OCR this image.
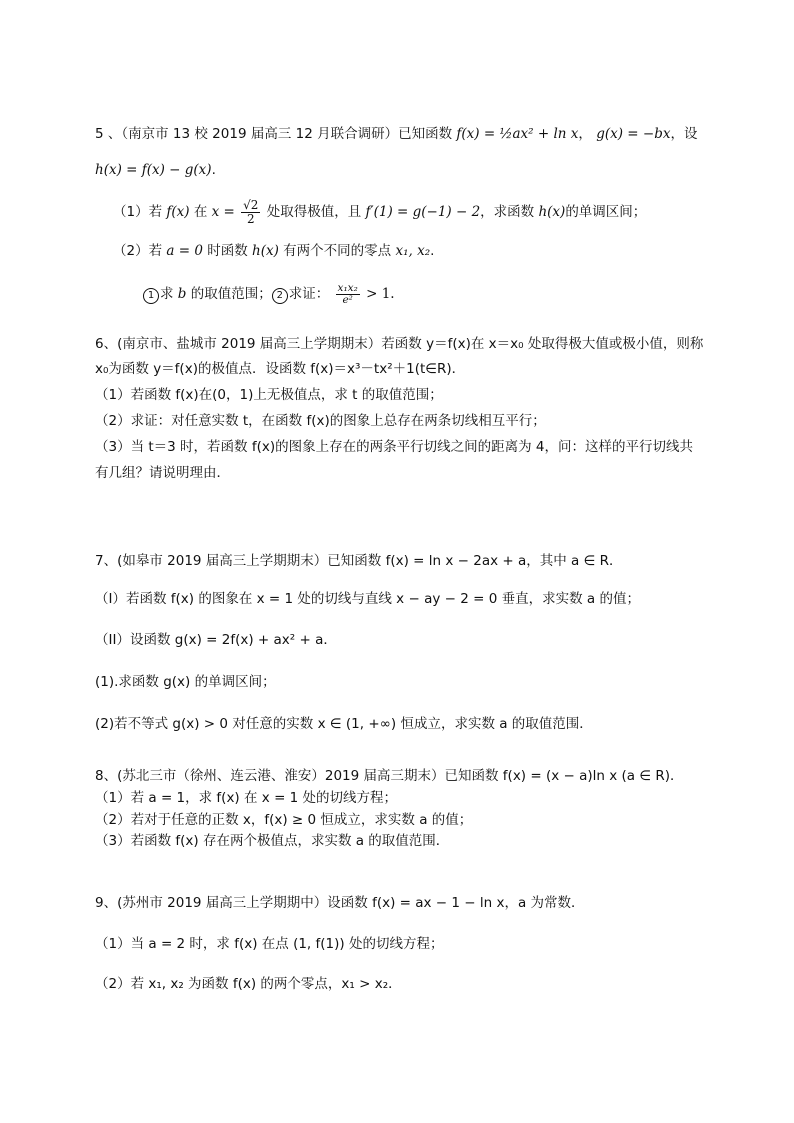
5 、（南京市 13 校 2019 届高三 12 月联合调研）已知函数 f(x) = ½ax² + ln x， g(x) = −bx，设
h(x) = f(x) − g(x).
（1）若 f(x) 在 $x = \frac{√2}{2}$ 处取得极值，且 f′(1) = g(−1) − 2，求函数 h(x)的单调区间；
（2）若 a = 0 时函数 h(x) 有两个不同的零点 x₁, x₂.
1 求 b 的取值范围； 2 求证： $\frac{\text{x₁x₂}}{\text{e²}} > 1$.
6、(南京市、盐城市 2019 届高三上学期期末）若函数 y＝f(x)在 x＝x₀ 处取得极大值或极小值，则称
x₀为函数 y＝f(x)的极值点．设函数 f(x)＝x³－tx²＋1(t∈R)．
（1）若函数 f(x)在(0，1)上无极值点，求 t 的取值范围；
（2）求证：对任意实数 t，在函数 f(x)的图象上总存在两条切线相互平行；
（3）当 t＝3 时，若函数 f(x)的图象上存在的两条平行切线之间的距离为 4，问：这样的平行切线共
有几组？请说明理由．
7、(如皋市 2019 届高三上学期期末）已知函数 f(x) = ln x − 2ax + a，其中 a ∈ R．
（I）若函数 f(x) 的图象在 x = 1 处的切线与直线 x − ay − 2 = 0 垂直，求实数 a 的值；
（II）设函数 g(x) = 2f(x) + ax² + a．
(1).求函数 g(x) 的单调区间；
(2)若不等式 g(x) > 0 对任意的实数 x ∈ (1, +∞) 恒成立，求实数 a 的取值范围．
8、(苏北三市（徐州、连云港、淮安）2019 届高三期末）已知函数 f(x) = (x − a)ln x (a ∈ R)．
（1）若 a = 1，求 f(x) 在 x = 1 处的切线方程；
（2）若对于任意的正数 x，f(x) ≥ 0 恒成立，求实数 a 的值；
（3）若函数 f(x) 存在两个极值点，求实数 a 的取值范围．
9、(苏州市 2019 届高三上学期期中）设函数 f(x) = ax − 1 − ln x，a 为常数．
（1）当 a = 2 时，求 f(x) 在点 (1, f(1)) 处的切线方程；
（2）若 x₁, x₂ 为函数 f(x) 的两个零点，x₁ > x₂．
